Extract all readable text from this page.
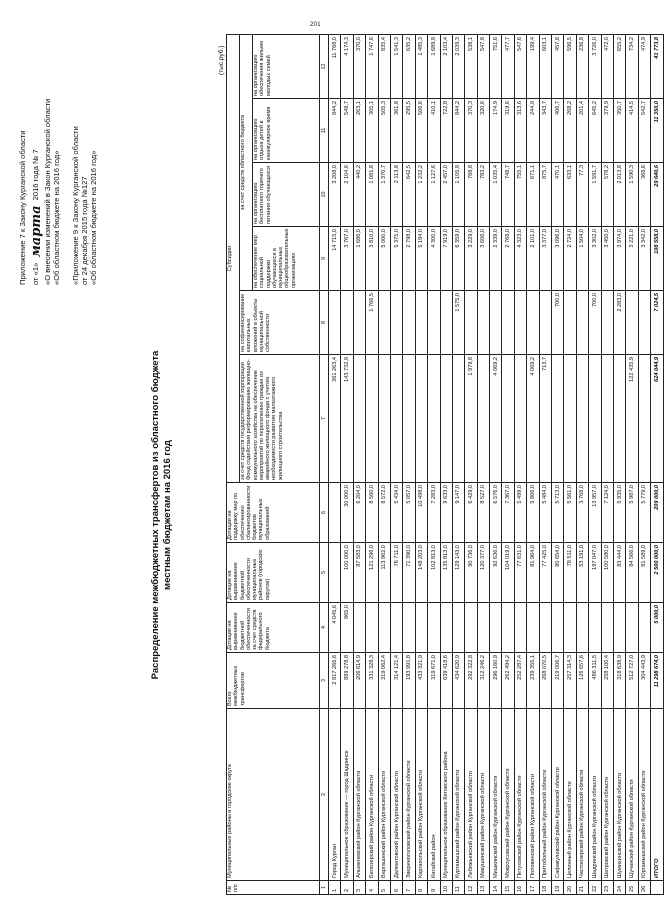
201
Приложение 7 к Закону Курганской области от «1» марта 2016 года № 7 «О внесении изменений в Закон Курганской области «Об областном бюджете на 2016 год» «Приложение 9 к Закону Курганской области от 24 декабря 2015 года №127 «Об областном бюджете на 2016 год»
Распределение межбюджетных трансфертов из областного бюджета местным бюджетам на 2016 год
(тыс.руб.)
№ п/п	Муниципальные районы и городские округа	Всего межбюджетных трансфертов	Дотация на выравнивание бюджетной обеспеченности за счет средств федерального бюджета	Дотация на выравнивание бюджетной обеспеченности муниципальных районов (городских округов)	Дотация на поддержку мер по обеспечению сбалансированности бюджетов муниципальных образований	Субсидии					
						за счет средств государственной корпорации Фонд содействия реформированию жилищно-коммунального хозяйства на обеспечение мероприятий по переселению граждан из аварийного жилищного фонда с учетом необходимости развития малоэтажного жилищного строительства	на софинансирование капитальных вложений в объекты муниципальной собственности	за счет средств областного бюджета			
								на обеспечение мер социальной поддержки обучающихся в муниципальных общеобразовательных организациях	на организацию бесплатного горячего питания обучающихся	на организацию отдыха детей в каникулярное время	на организацию обеспечения жильем молодых семей
1	2	3	4	5	6	7	8	9	10	11	12
1	Город Курган	2 817 266,6	4 045,6			361 263,4		14 715,0	3 208,0	844,2	11 768,0
2	Муниципальное образование — город Шадринск	889 278,8	865,0	100 000,0	30 000,0	143 732,9		3 767,0	2 104,6	549,7	4 174,3
3	Альменевский район Курганской области	206 614,9		87 583,0	6 204,0			1 686,0	440,2	263,1	370,0
4	Белозерский район Курганской области	331 328,3		121 296,0	8 560,0		1 766,5	3 810,0	1 081,8	305,1	1 747,6
5	Варгашинский район Курганской области	319 062,4		113 962,0	8 572,0			5 000,0	1 370,7	505,3	835,4
6	Далматовский район Курганской области	314 121,4		76 711,0	5 434,0			5 375,0	2 113,8	361,8	1 541,3
7	Звериноголовский район Курганской области	193 991,8		71 390,0	5 057,0			2 798,0	642,5	295,5	635,2
8	Каргапольский район Курганской области	433 321,9		148 203,0	10 498,0			5 184,0	1 232,2	506,6	1 485,3
9	Катайский район	319 671,0		102 813,0	7 283,0			4 300,0	1 127,6	410,1	1 689,8
10	Муниципальное образование Кетовского района	639 418,6		135 813,0	9 633,0			7 919,0	2 457,0	722,8	2 103,4
11	Куртамышский район Курганской области	434 620,9		129 143,0	9 147,0		1 575,0	6 359,0	1 105,8	844,2	2 039,3
12	Лебяжьевский район Курганской области	292 322,8		90 736,0	6 429,0	1 979,8		3 229,0	788,8	370,3	538,1
13	Макушинский район Курганской области	312 246,2		120 377,0	8 527,0			3 606,0	783,2	320,6	547,8
14	Мишкинский район Курганской области	296 160,9		92 636,0	6 576,0	4 069,2		2 339,0	1 035,4	174,9	751,6
15	Мокроусовский район Курганской области	262 494,2		104 019,0	7 367,0			2 768,0	748,7	319,6	477,7
16	Петуховский район Курганской области	252 287,4		77 631,0	5 499,0			4 323,0	755,1	313,6	547,6
17	Половинский район Курганской области	239 355,1		81 964,0	5 806,0	4 069,2		2 101,0	671,1	244,9	199,4
18	Притобольный район Курганской области	268 070,5		77 425,0	5 484,0	713,7		3 377,0	875,7	343,7	603,1
19	Сафакулевский район Курганской области	219 006,7		80 654,0	5 713,0		700,0	3 096,0	470,1	406,7	457,8
20	Целинный район Курганской области	257 314,3		78 511,0	5 561,0			2 724,0	633,1	268,2	596,5
21	Частоозерский район Курганской области	126 657,6		53 191,0	3 768,0			1 504,0	77,3	201,4	236,8
22	Шадринский район Курганской области	486 311,5		197 047,0	13 957,0		700,0	3 302,0	1 591,7	645,2	3 726,0
23	Шатровский район Курганской области	258 100,4		100 580,0	7 124,0			3 450,0	578,2	379,9	472,0
24	Шумихинский район Курганской области	318 638,9		83 444,0	5 935,0		2 283,0	3 974,0	2 013,8	350,7	655,2
25	Щучанский район Курганской области	512 727,0		84 566,0	5 987,0	122 435,9		3 221,0	1 590,3	414,5	734,2
26	Юргамышский район Курганской области	304 443,9		81 589,0	5 779,0			3 342,0	368,6	542,7	474,9
	ИТОГО	11 298 674,0	5 000,0	2 500 000,0	209 000,0	624 044,9	7 024,5	108 558,0	29 640,6	11 350,0	41 773,8
